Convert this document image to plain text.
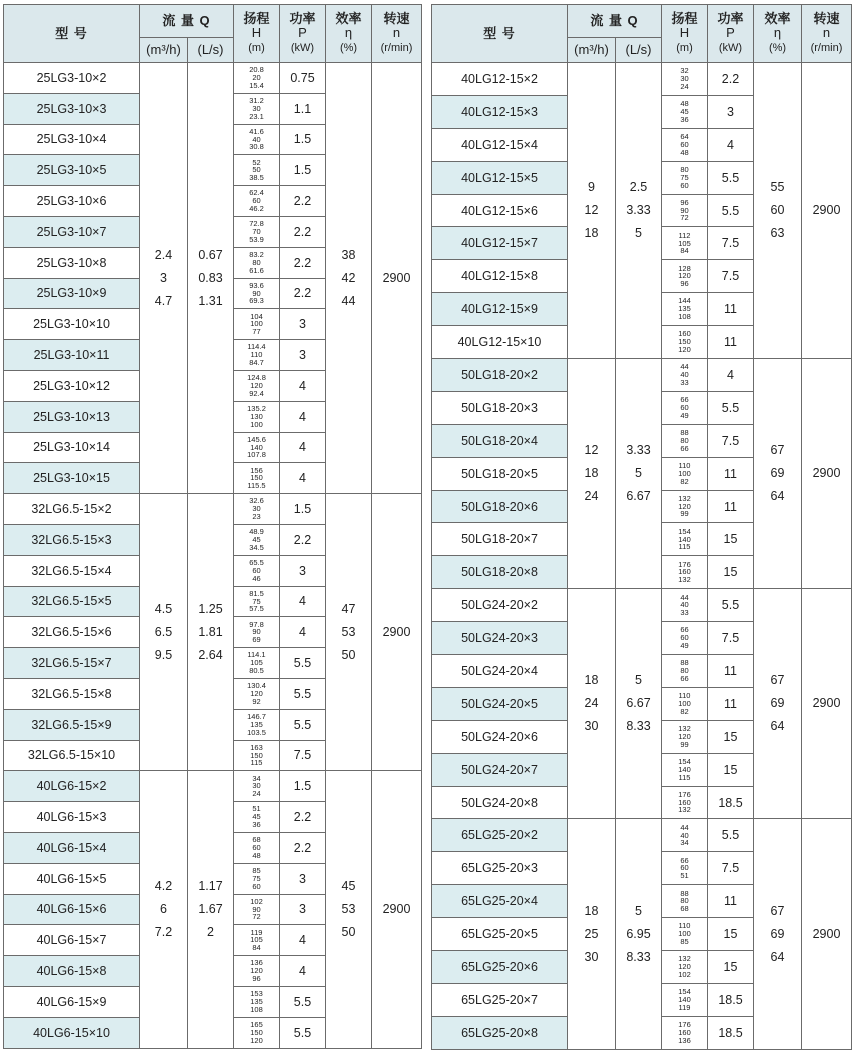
型 号	流 量 Q		扬程
H
(m)	功率
P
(kW)	效率
η
(%)	转速
n
(r/min)
	(m³/h)	(L/s)				
25LG3-10×2	2.4
3
4.7	0.67
0.83
1.31	20.8
20
15.4	0.75	38
42
44	2900
25LG3-10×3			31.2
30
23.1	1.1		
25LG3-10×4			41.6
40
30.8	1.5		
25LG3-10×5			52
50
38.5	1.5		
25LG3-10×6			62.4
60
46.2	2.2		
25LG3-10×7			72.8
70
53.9	2.2		
25LG3-10×8			83.2
80
61.6	2.2		
25LG3-10×9			93.6
90
69.3	2.2		
25LG3-10×10			104
100
77	3		
25LG3-10×11			114.4
110
84.7	3		
25LG3-10×12			124.8
120
92.4	4		
25LG3-10×13			135.2
130
100	4		
25LG3-10×14			145.6
140
107.8	4		
25LG3-10×15			156
150
115.5	4		
32LG6.5-15×2	4.5
6.5
9.5	1.25
1.81
2.64	32.6
30
23	1.5	47
53
50	2900
32LG6.5-15×3			48.9
45
34.5	2.2		
32LG6.5-15×4			65.5
60
46	3		
32LG6.5-15×5			81.5
75
57.5	4		
32LG6.5-15×6			97.8
90
69	4		
32LG6.5-15×7			114.1
105
80.5	5.5		
32LG6.5-15×8			130.4
120
92	5.5		
32LG6.5-15×9			146.7
135
103.5	5.5		
32LG6.5-15×10			163
150
115	7.5		
40LG6-15×2	4.2
6
7.2	1.17
1.67
2	34
30
24	1.5	45
53
50	2900
40LG6-15×3			51
45
36	2.2		
40LG6-15×4			68
60
48	2.2		
40LG6-15×5			85
75
60	3		
40LG6-15×6			102
90
72	3		
40LG6-15×7			119
105
84	4		
40LG6-15×8			136
120
96	4		
40LG6-15×9			153
135
108	5.5		
40LG6-15×10			165
150
120	5.5		
型 号	流 量 Q		扬程
H
(m)	功率
P
(kW)	效率
η
(%)	转速
n
(r/min)
	(m³/h)	(L/s)				
40LG12-15×2	9
12
18	2.5
3.33
5	32
30
24	2.2	55
60
63	2900
40LG12-15×3			48
45
36	3		
40LG12-15×4			64
60
48	4		
40LG12-15×5			80
75
60	5.5		
40LG12-15×6			96
90
72	5.5		
40LG12-15×7			112
105
84	7.5		
40LG12-15×8			128
120
96	7.5		
40LG12-15×9			144
135
108	11		
40LG12-15×10			160
150
120	11		
50LG18-20×2	12
18
24	3.33
5
6.67	44
40
33	4	67
69
64	2900
50LG18-20×3			66
60
49	5.5		
50LG18-20×4			88
80
66	7.5		
50LG18-20×5			110
100
82	11		
50LG18-20×6			132
120
99	11		
50LG18-20×7			154
140
115	15		
50LG18-20×8			176
160
132	15		
50LG24-20×2	18
24
30	5
6.67
8.33	44
40
33	5.5	67
69
64	2900
50LG24-20×3			66
60
49	7.5		
50LG24-20×4			88
80
66	11		
50LG24-20×5			110
100
82	11		
50LG24-20×6			132
120
99	15		
50LG24-20×7			154
140
115	15		
50LG24-20×8			176
160
132	18.5		
65LG25-20×2	18
25
30	5
6.95
8.33	44
40
34	5.5	67
69
64	2900
65LG25-20×3			66
60
51	7.5		
65LG25-20×4			88
80
68	11		
65LG25-20×5			110
100
85	15		
65LG25-20×6			132
120
102	15		
65LG25-20×7			154
140
119	18.5		
65LG25-20×8			176
160
136	18.5		
